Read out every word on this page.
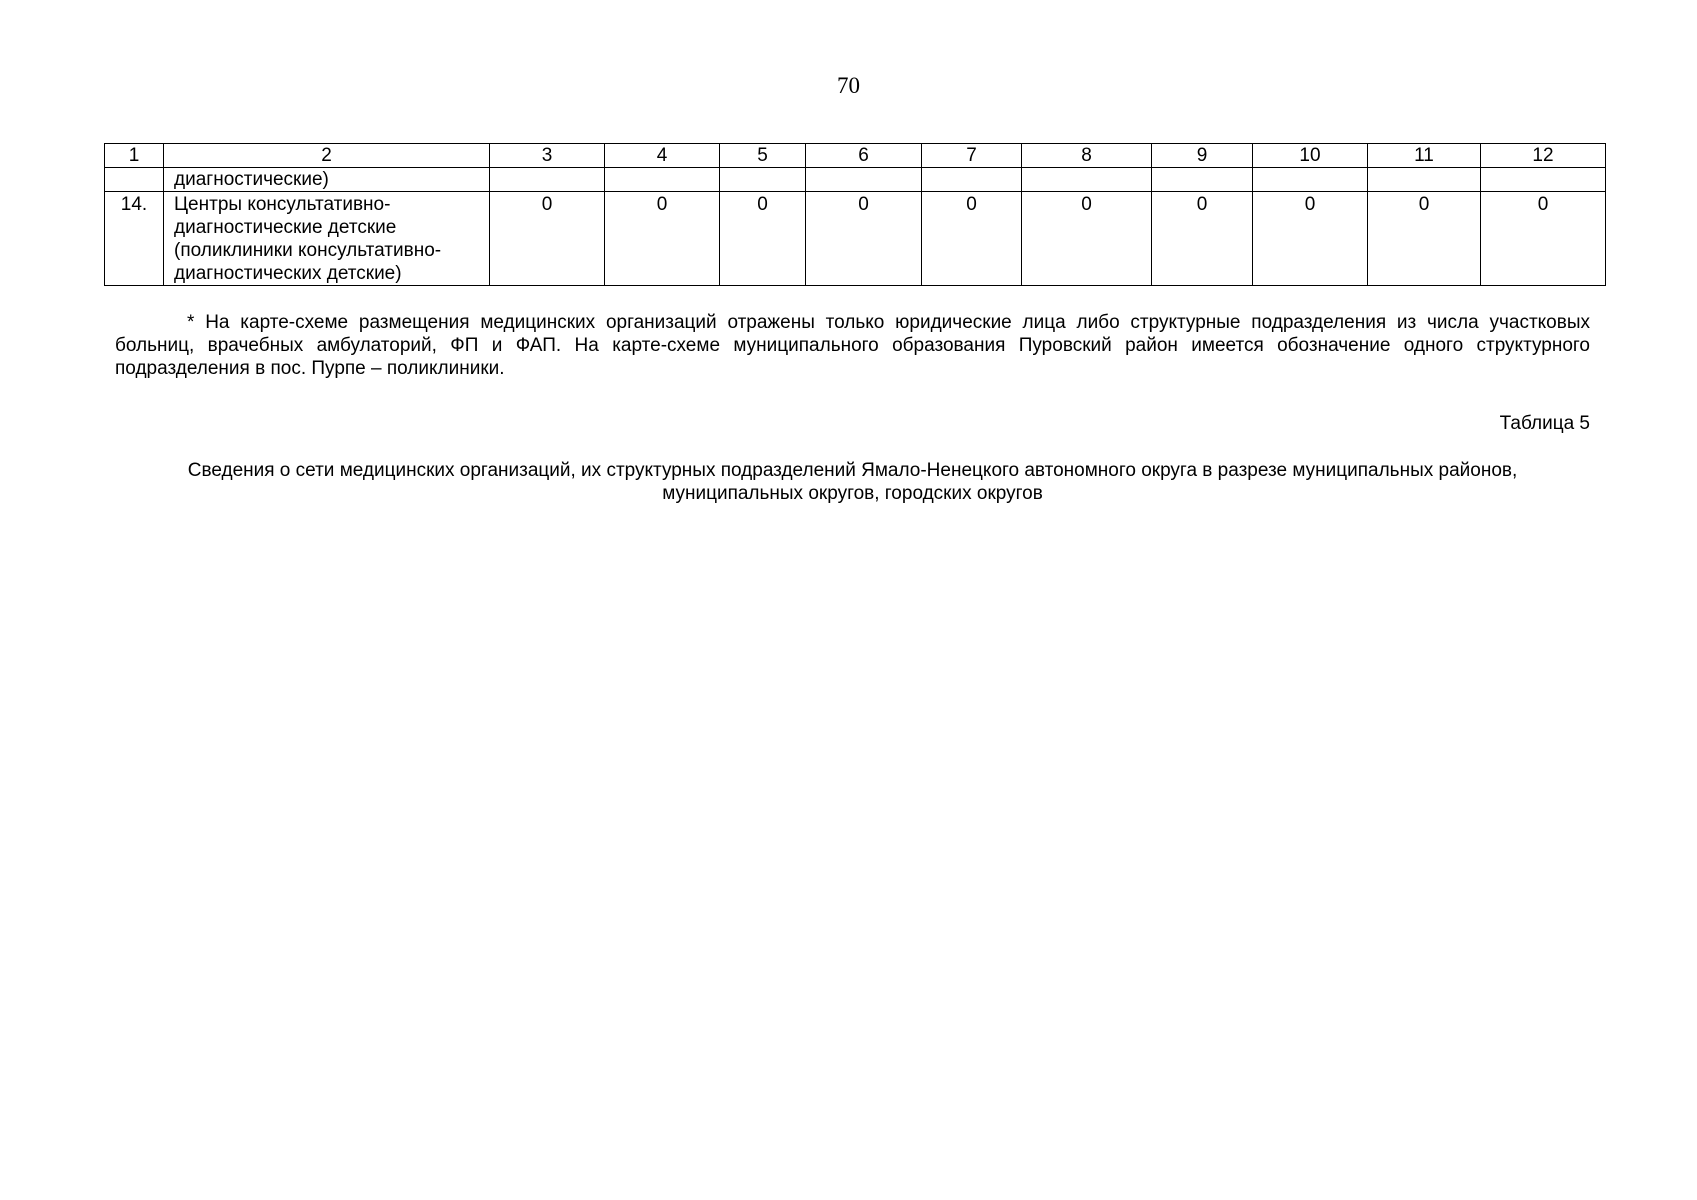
70
1	2	3	4	5	6	7	8	9	10	11	12
	диагностические)										
14.	Центры консультативно-диагностические детские (поликлиники консультативно-диагностических детские)	0	0	0	0	0	0	0	0	0	0

* На карте-схеме размещения медицинских организаций отражены только юридические лица либо структурные подразделения из числа участковых больниц, врачебных амбулаторий, ФП и ФАП. На карте-схеме муниципального образования Пуровский район имеется обозначение одного структурного подразделения в пос. Пурпе – поликлиники.

Таблица 5
Сведения о сети медицинских организаций, их структурных подразделений Ямало-Ненецкого автономного округа в разрезе муниципальных районов,
муниципальных округов, городских округов
